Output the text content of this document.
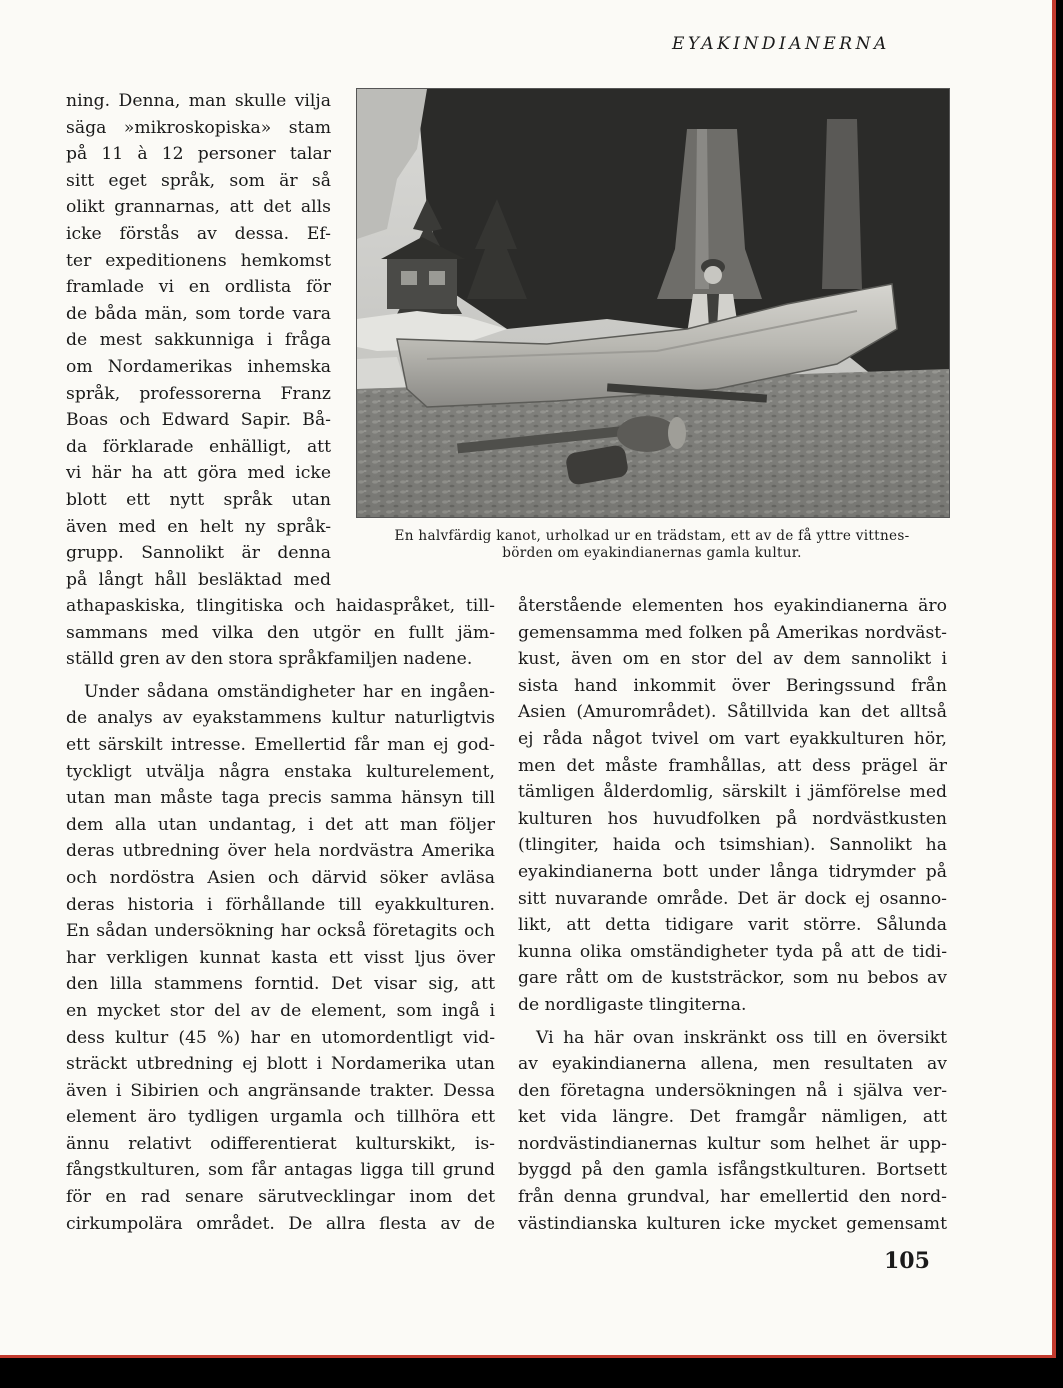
EYAKINDIANERNA
En halvfärdig kanot, urholkad ur en trädstam, ett av de få yttre vittnes-
börden om eyakindianernas gamla kultur.
ning. Denna, man skulle vilja
säga »mikroskopiska» stam
på 11 à 12 personer talar
sitt eget språk, som är så
olikt grannarnas, att det alls
icke förstås av dessa. Ef-
ter expeditionens hemkomst
framlade vi en ordlista för
de båda män, som torde vara
de mest sakkunniga i fråga
om Nordamerikas inhemska
språk, professorerna Franz
Boas och Edward Sapir. Bå-
da förklarade enhälligt, att
vi här ha att göra med icke
blott ett nytt språk utan
även med en helt ny språk-
grupp. Sannolikt är denna
på långt håll besläktad med
athapaskiska, tlingitiska och haidaspråket, till-
sammans med vilka den utgör en fullt jäm-
ställd gren av den stora språkfamiljen nadene.
Under sådana omständigheter har en ingåen-
de analys av eyakstammens kultur naturligtvis
ett särskilt intresse. Emellertid får man ej god-
tyckligt utvälja några enstaka kulturelement,
utan man måste taga precis samma hänsyn till
dem alla utan undantag, i det att man följer
deras utbredning över hela nordvästra Amerika
och nordöstra Asien och därvid söker avläsa
deras historia i förhållande till eyakkulturen.
En sådan undersökning har också företagits och
har verkligen kunnat kasta ett visst ljus över
den lilla stammens forntid. Det visar sig, att
en mycket stor del av de element, som ingå i
dess kultur (45 %) har en utomordentligt vid-
sträckt utbredning ej blott i Nordamerika utan
även i Sibirien och angränsande trakter. Dessa
element äro tydligen urgamla och tillhöra ett
ännu relativt odifferentierat kulturskikt, is-
fångstkulturen, som får antagas ligga till grund
för en rad senare särutvecklingar inom det
cirkumpolära området. De allra flesta av de
återstående elementen hos eyakindianerna äro
gemensamma med folken på Amerikas nordväst-
kust, även om en stor del av dem sannolikt i
sista hand inkommit över Beringssund från
Asien (Amurområdet). Såtillvida kan det alltså
ej råda något tvivel om vart eyakkulturen hör,
men det måste framhållas, att dess prägel är
tämligen ålderdomlig, särskilt i jämförelse med
kulturen hos huvudfolken på nordvästkusten
(tlingiter, haida och tsimshian). Sannolikt ha
eyakindianerna bott under långa tidrymder på
sitt nuvarande område. Det är dock ej osanno-
likt, att detta tidigare varit större. Sålunda
kunna olika omständigheter tyda på att de tidi-
gare rått om de kuststräckor, som nu bebos av
de nordligaste tlingiterna.
Vi ha här ovan inskränkt oss till en översikt
av eyakindianerna allena, men resultaten av
den företagna undersökningen nå i själva ver-
ket vida längre. Det framgår nämligen, att
nordvästindianernas kultur som helhet är upp-
byggd på den gamla isfångstkulturen. Bortsett
från denna grundval, har emellertid den nord-
västindianska kulturen icke mycket gemensamt
105
